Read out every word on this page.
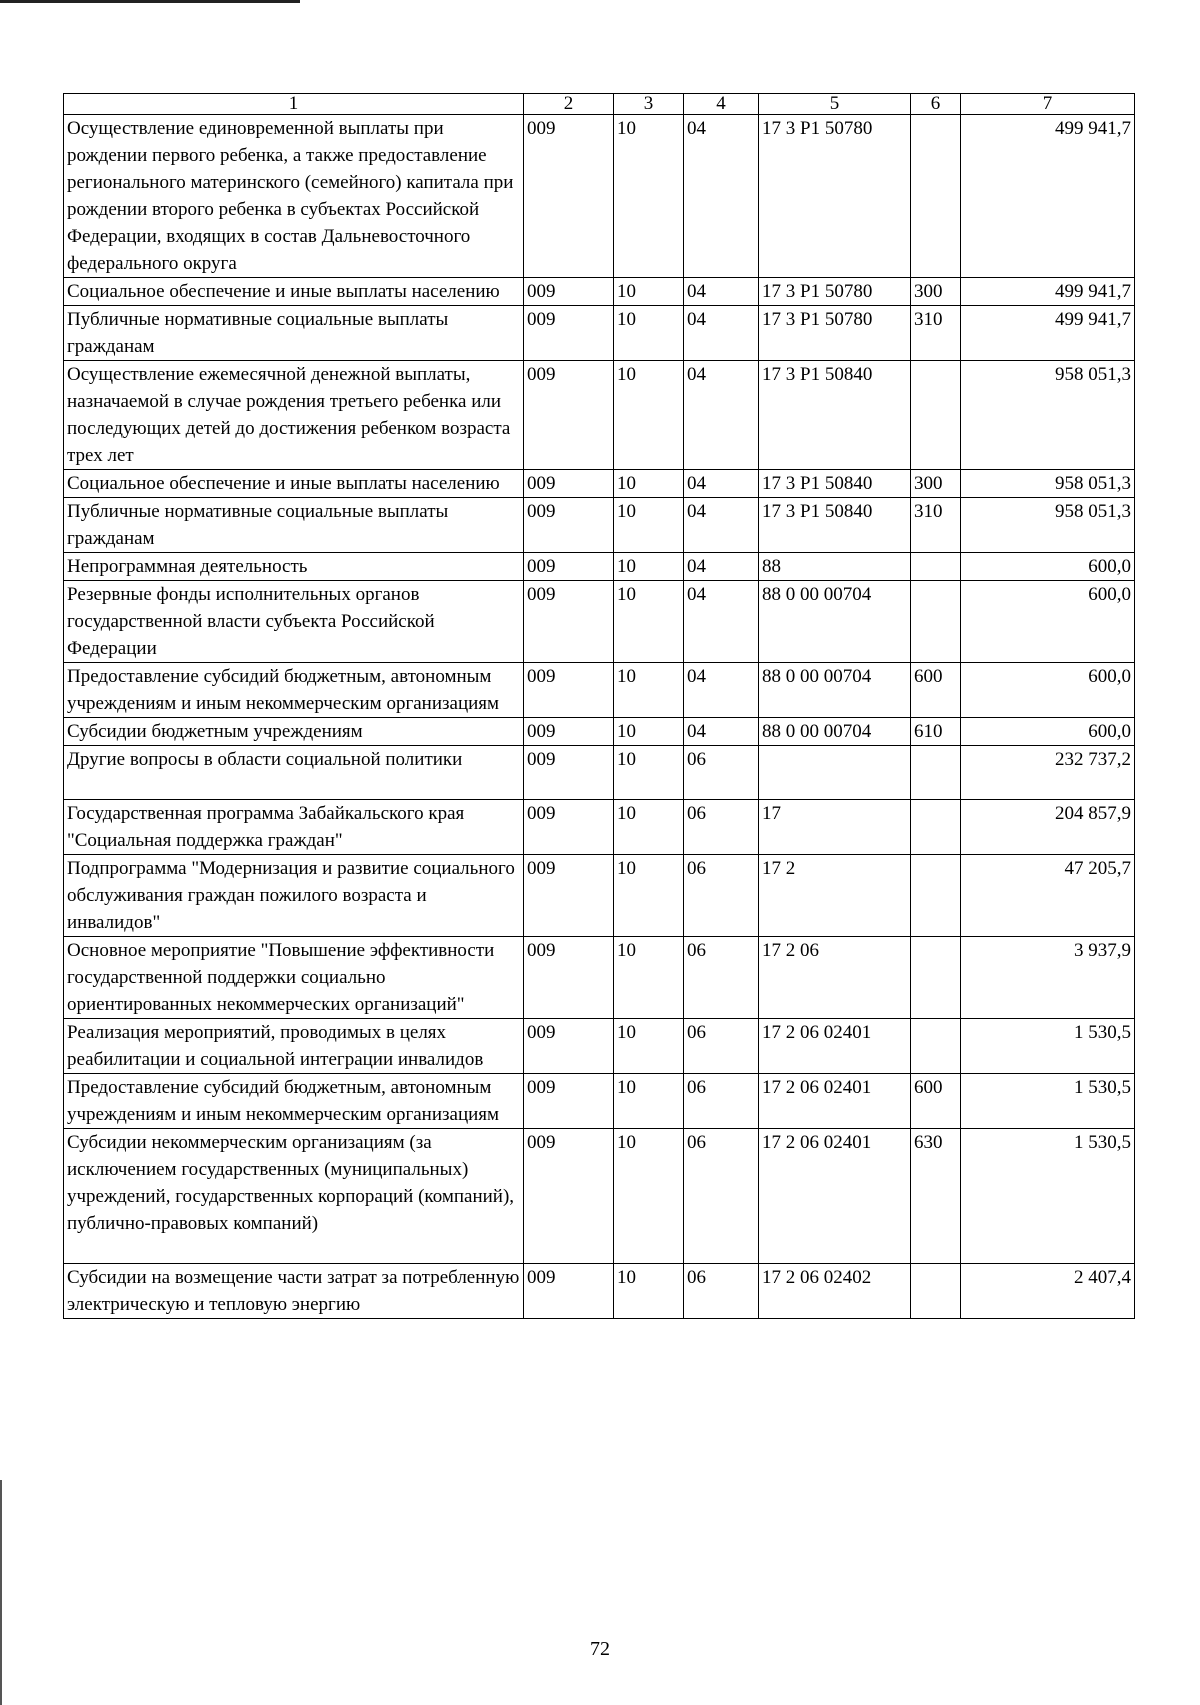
1	2	3	4	5	6	7
Осуществление единовременной выплаты при рождении первого ребенка, а также предоставление регионального материнского (семейного) капитала при рождении второго ребенка в субъектах Российской Федерации, входящих в состав Дальневосточного федерального округа	009	10	04	17 3 P1 50780		499 941,7
Социальное обеспечение и иные выплаты населению	009	10	04	17 3 P1 50780	300	499 941,7
Публичные нормативные социальные выплаты гражданам	009	10	04	17 3 P1 50780	310	499 941,7
Осуществление ежемесячной денежной выплаты, назначаемой в случае рождения третьего ребенка или последующих детей до достижения ребенком возраста трех лет	009	10	04	17 3 P1 50840		958 051,3
Социальное обеспечение и иные выплаты населению	009	10	04	17 3 P1 50840	300	958 051,3
Публичные нормативные социальные выплаты гражданам	009	10	04	17 3 P1 50840	310	958 051,3
Непрограммная деятельность	009	10	04	88		600,0
Резервные фонды исполнительных органов государственной власти субъекта Российской Федерации	009	10	04	88 0 00 00704		600,0
Предоставление субсидий бюджетным, автономным учреждениям и иным некоммерческим организациям	009	10	04	88 0 00 00704	600	600,0
Субсидии бюджетным учреждениям	009	10	04	88 0 00 00704	610	600,0
Другие вопросы в области социальной политики	009	10	06			232 737,2
Государственная программа Забайкальского края "Социальная поддержка граждан"	009	10	06	17		204 857,9
Подпрограмма "Модернизация и развитие социального обслуживания граждан пожилого возраста и инвалидов"	009	10	06	17 2		47 205,7
Основное мероприятие "Повышение эффективности государственной поддержки социально ориентированных некоммерческих организаций"	009	10	06	17 2 06		3 937,9
Реализация мероприятий, проводимых в целях реабилитации и социальной интеграции инвалидов	009	10	06	17 2 06 02401		1 530,5
Предоставление субсидий бюджетным, автономным учреждениям и иным некоммерческим организациям	009	10	06	17 2 06 02401	600	1 530,5
Субсидии некоммерческим организациям (за исключением государственных (муниципальных) учреждений, государственных корпораций (компаний), публично-правовых компаний)	009	10	06	17 2 06 02401	630	1 530,5
Субсидии на возмещение части затрат за потребленную электрическую и тепловую энергию	009	10	06	17 2 06 02402		2 407,4
72
